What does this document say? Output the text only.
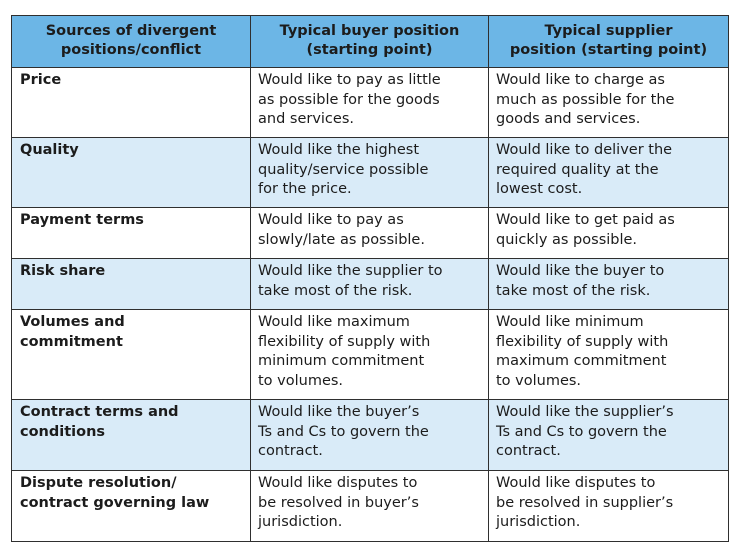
Sources of divergent
positions/conflict	Typical buyer position
(starting point)	Typical supplier
position (starting point)

Price	Would like to pay as little
as possible for the goods
and services.	Would like to charge as
much as possible for the
goods and services.

Quality	Would like the highest
quality/service possible
for the price.	Would like to deliver the
required quality at the
lowest cost.

Payment terms	Would like to pay as
slowly/late as possible.	Would like to get paid as
quickly as possible.

Risk share	Would like the supplier to
take most of the risk.	Would like the buyer to
take most of the risk.

Volumes and
commitment	Would like maximum
flexibility of supply with
minimum commitment
to volumes.	Would like minimum
flexibility of supply with
maximum commitment
to volumes.

Contract terms and
conditions	Would like the buyer’s
Ts and Cs to govern the
contract.	Would like the supplier’s
Ts and Cs to govern the
contract.

Dispute resolution/
contract governing law	Would like disputes to
be resolved in buyer’s
jurisdiction.	Would like disputes to
be resolved in supplier’s
jurisdiction.
